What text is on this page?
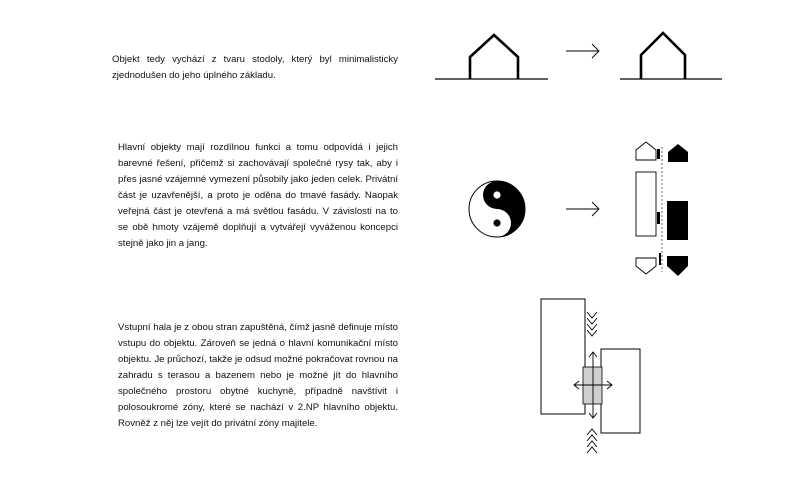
Objekt tedy vychází z tvaru stodoly, který byl minimalisticky zjednodušen do jeho úplného základu.

Hlavní objekty mají rozdílnou funkci a tomu odpovídá i jejich barevné řešení, přičemž si zachovávají společné rysy tak, aby i přes jasné vzájemné vymezení působily jako jeden celek. Privátní část je uzavřenější, a proto je oděna do tmavé fasády. Naopak veřejná část je otevřená a má světlou fasádu. V závislosti na to se obě hmoty vzájemě doplňují a vytvářejí vyváženou koncepci stejně jako jin a jang.

Vstupní hala je z obou stran zapuštěná, čímž jasně definuje místo vstupu do objektu. Zároveň se jedná o hlavní komunikační místo objektu. Je průchozí, takže je odsud možné pokračovat rovnou na zahradu s terasou a bazenem nebo je možné jít do hlavního společného prostoru obytné kuchyně, případně navštívit i polosoukromé zóny, které se nachází v 2.NP hlavního objektu. Rovněž z něj lze vejít do privátní zóny majitele.
